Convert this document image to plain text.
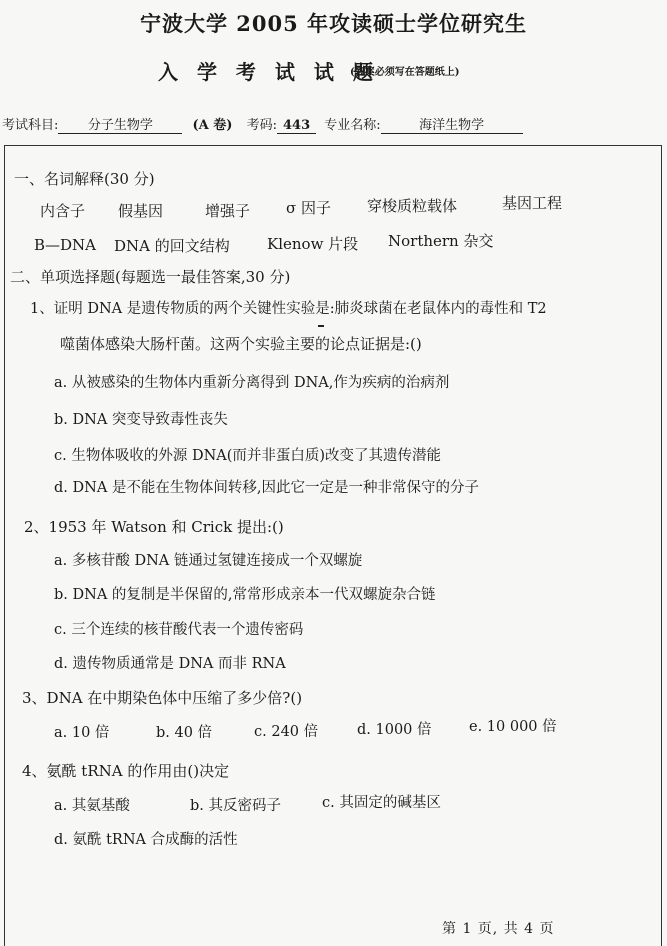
宁波大学 2005 年攻读硕士学位研究生
入 学 考 试 试 题
(答案必须写在答题纸上)
考试科目: 分子生物学	(A 卷) 考码: 443 专业名称:	海洋生物学
一、名词解释(30 分)
内含子 假基因	增强子 σ 因子 穿梭质粒载体	基因工程
B—DNA DNA 的回文结构 Klenow 片段 Northern 杂交
二、单项选择题(每题选一最佳答案,30 分)
1、证明 DNA 是遗传物质的两个关键性实验是:肺炎球菌在老鼠体内的毒性和 T2
噬菌体感染大肠杆菌。这两个实验主要的论点证据是:()
a. 从被感染的生物体内重新分离得到 DNA,作为疾病的治病剂
b. DNA 突变导致毒性丧失
c. 生物体吸收的外源 DNA(而并非蛋白质)改变了其遗传潜能
d. DNA 是不能在生物体间转移,因此它一定是一种非常保守的分子
2、1953 年 Watson 和 Crick 提出:()
a. 多核苷酸 DNA 链通过氢键连接成一个双螺旋
b. DNA 的复制是半保留的,常常形成亲本一代双螺旋杂合链
c. 三个连续的核苷酸代表一个遗传密码
d. 遗传物质通常是 DNA 而非 RNA
3、DNA 在中期染色体中压缩了多少倍?()
a. 10 倍	b. 40 倍	c. 240 倍	d. 1000 倍	e. 10 000 倍
4、氨酰 tRNA 的作用由()决定
a. 其氨基酸	b. 其反密码子	c. 其固定的碱基区
d. 氨酰 tRNA 合成酶的活性
第 1 页, 共 4 页
